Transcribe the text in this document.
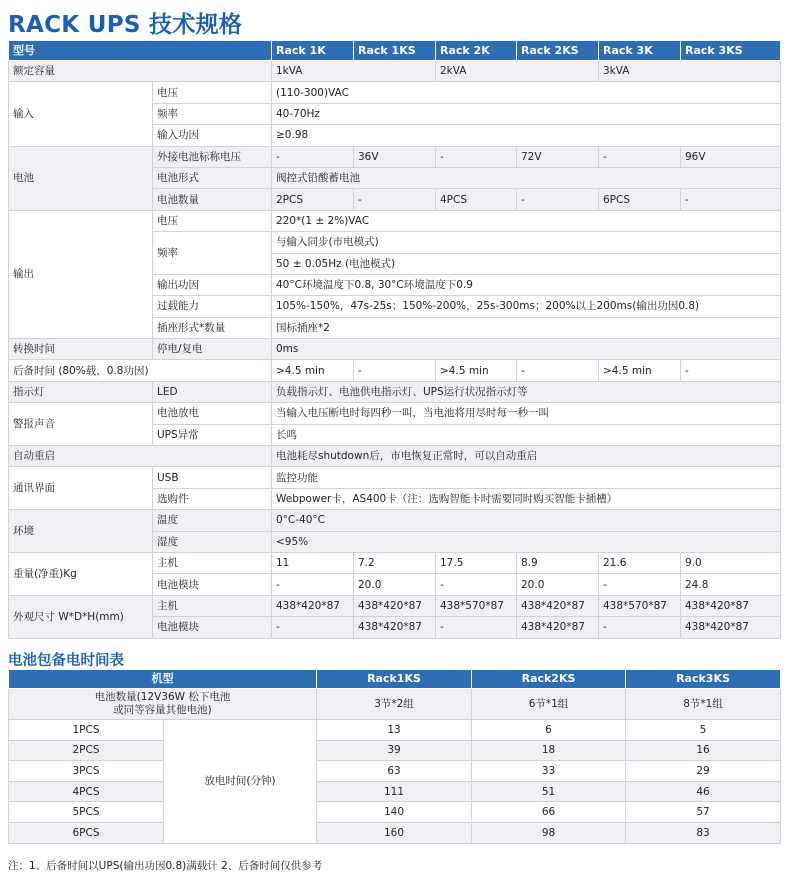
RACK UPS 技术规格
型号		Rack 1K	Rack 1KS	Rack 2K	Rack 2KS	Rack 3K	Rack 3KS
额定容量		1kVA		2kVA		3kVA	
输入	电压	(110-300)VAC					
	频率	40-70Hz					
	输入功因	≥0.98					
电池	外接电池标称电压	-	36V	-	72V	-	96V
	电池形式	阀控式铅酸蓄电池					
	电池数量	2PCS	-	4PCS	-	6PCS	-
输出	电压	220*(1 ± 2%)VAC					
	频率	与输入同步(市电模式)					
		50 ± 0.05Hz (电池模式)					
	输出功因	40°C环境温度下0.8, 30°C环境温度下0.9					
	过载能力	105%-150%，47s-25s；150%-200%，25s-300ms；200%以上200ms(输出功因0.8)					
	插座形式*数量	国标插座*2					
转换时间	停电/复电	0ms					
后备时间 (80%载，0.8功因)		>4.5 min	-	>4.5 min	-	>4.5 min	-
指示灯	LED	负载指示灯、电池供电指示灯、UPS运行状况指示灯等					
警报声音	电池放电	当输入电压断电时每四秒一叫，当电池将用尽时每一秒一叫					
	UPS异常	长鸣					
自动重启		电池耗尽shutdown后，市电恢复正常时，可以自动重启					
通讯界面	USB	监控功能					
	选购件	Webpower卡，AS400卡（注：选购智能卡时需要同时购买智能卡插槽）					
环境	温度	0°C-40°C					
	湿度	<95%					
重量(净重)Kg	主机	11	7.2	17.5	8.9	21.6	9.0
	电池模块	-	20.0	-	20.0	-	24.8
外观尺寸 W*D*H(mm)	主机	438*420*87	438*420*87	438*570*87	438*420*87	438*570*87	438*420*87
	电池模块	-	438*420*87	-	438*420*87	-	438*420*87
电池包备电时间表
机型		Rack1KS	Rack2KS	Rack3KS
电池数量(12V36W 松下电池
或同等容量其他电池)		3节*2组	6节*1组	8节*1组
1PCS	放电时间(分钟)	13	6	5
2PCS		39	18	16
3PCS		63	33	29
4PCS		111	51	46
5PCS		140	66	57
6PCS		160	98	83
注：1、后备时间以UPS(输出功因0.8)满载计 2、后备时间仅供参考
